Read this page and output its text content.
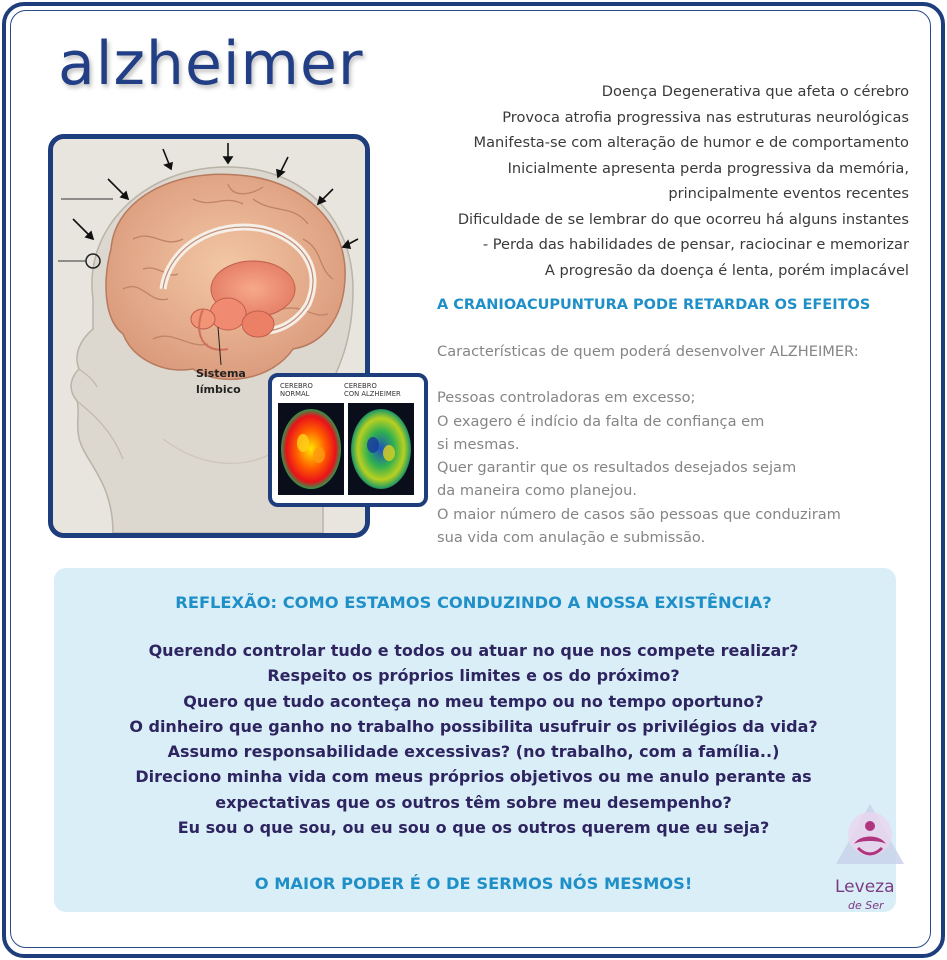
alzheimer	Doença Degenerativa que afeta o cérebro
Provoca atrofia progressiva nas estruturas neurológicas
Manifesta-se com alteração de humor e de comportamento
Inicialmente apresenta perda progressiva da memória,
principalmente eventos recentes
Dificuldade de se lembrar do que ocorreu há alguns instantes
- Perda das habilidades de pensar, raciocinar e memorizar
A progresão da doença é lenta, porém implacável
A CRANIOACUPUNTURA PODE RETARDAR OS EFEITOS
Características de quem poderá desenvolver ALZHEIMER:
Pessoas controladoras em excesso;
O exagero é indício da falta de confiança em
si mesmas.
Quer garantir que os resultados desejados sejam
da maneira como planejou.
O maior número de casos são pessoas que conduziram
sua vida com anulação e submissão.
Sistema
límbico	CEREBRO
NORMAL
CEREBRO
CON ALZHEIMER
REFLEXÃO: COMO ESTAMOS CONDUZINDO A NOSSA EXISTÊNCIA?
Querendo controlar tudo e todos ou atuar no que nos compete realizar?
Respeito os próprios limites e os do próximo?
Quero que tudo aconteça no meu tempo ou no tempo oportuno?
O dinheiro que ganho no trabalho possibilita usufruir os privilégios da vida?
Assumo responsabilidade excessivas? (no trabalho, com a família..)
Direciono minha vida com meus próprios objetivos ou me anulo perante as
expectativas que os outros têm sobre meu desempenho?
Eu sou o que sou, ou eu sou o que os outros querem que eu seja?
O MAIOR PODER É O DE SERMOS NÓS MESMOS!	Leveza
de Ser
